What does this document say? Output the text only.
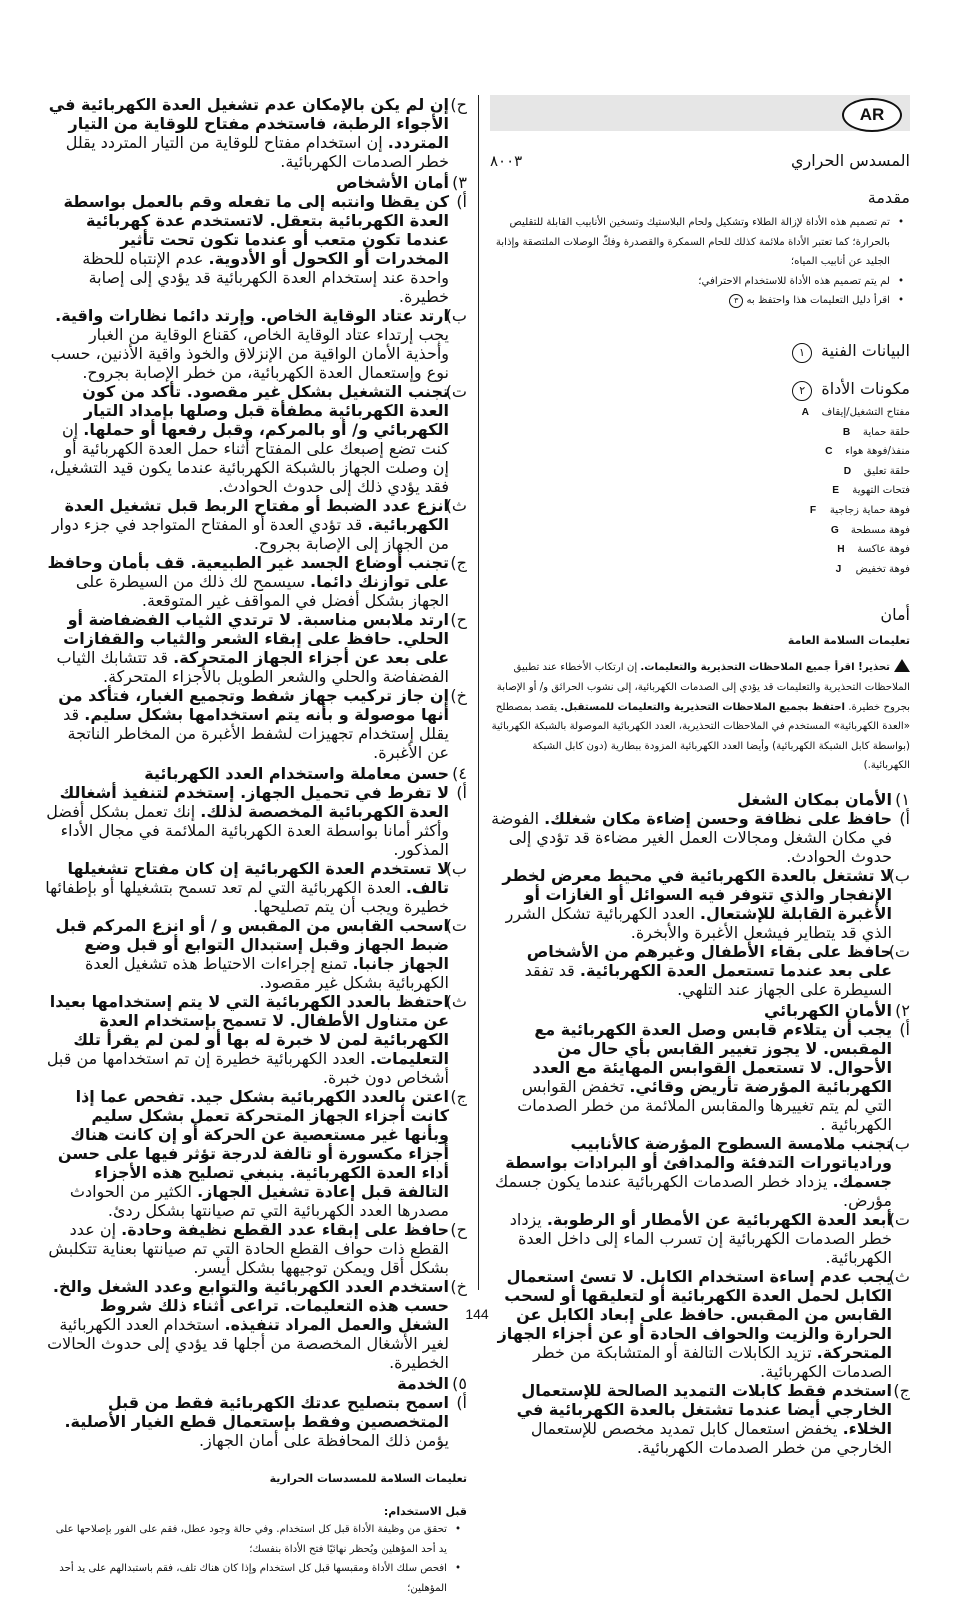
AR
المسدس الحراري
٨٠٠٣
مقدمة
• تم تصميم هذه الأداة لإزالة الطلاء وتشكيل ولحام البلاستيك وتسخين الأنابيب القابلة للتقليص بالحرارة؛ كما تعتبر الأداة ملائمة كذلك للحام السمكرة والقصدرة وفكّ الوصلات الملتصقة وإذابة الجليد عن أنابيب المياه؛
• لم يتم تصميم هذه الأداة للاستخدام الاحترافي؛
• اقرأ دليل التعليمات هذا واحتفظ به ٣
البيانات الفنية ١
مكونات الأداة ٢
A مفتاح التشغيل/إيقاف
B حلقة حماية
C منفذ/فوهة هواء
D حلقة تعليق
E	فتحات التهوية
F	فوهة حماية زجاجية
G فوهة مسطحة
H فوهة عاكسة
J	فوهة تخفيض
أمان
تعليمات السلامة العامة

تحذير! اقرأ جميع الملاحظات التحذيرية والتعليمات. إن ارتكاب الأخطاء عند تطبيق الملاحظات التحذيرية والتعليمات قد يؤدي إلى الصدمات الكهربائية، إلى نشوب الحرائق و/ أو الإصابة بجروح خطيرة. احتفظ بجميع الملاحظات التحذيرية والتعليمات للمستقبل. يقصد بمصطلح «العدة الكهربائية» المستخدم في الملاحظات التحذيرية، العدد الكهربائية الموصولة بالشبكة الكهربائية (بواسطة كابل الشبكة الكهربائية) وأيضا العدد الكهربائية المزودة ببطارية (دون كابل الشبكة الكهربائية.)

١)
الأمان بمكان الشغل
أ)
حافظ على نظافة وحسن إضاءة مكان شغلك. الفوضة في مكان الشغل ومجالات العمل الغير مضاءة قد تؤدي إلى حدوث الحوادث.
ب)
لا تشتغل بالعدة الكهربائية في محيط معرض لخطر الإنفجار والذي تتوفر فيه السوائل أو الغازات أو الأغبرة القابلة للإشتعال. العدد الكهربائية تشكل الشرر الذي قد يتطاير فيشعل الأغبرة والأبخرة.
ت)
حافظ على بقاء الأطفال وغيرهم من الأشخاص على بعد عندما تستعمل العدة الكهربائية. قد تفقد السيطرة على الجهاز عند التلهي.
٢)
الأمان الكهربائي
أ)
يجب أن يتلاءم قابس وصل العدة الكهربائية مع المقبس. لا يجوز تغيير القابس بأي حال من الأحوال. لا تستعمل القوابس المهايئة مع العدد الكهربائية المؤرضة تأريض وقائي. تخفض القوابس التي لم يتم تغييرها والمقابس الملائمة من خطر الصدمات الكهربائية .
ب)
تجنب ملامسة السطوح المؤرضة كالأنابيب ورادياتورات التدفئة والمدافئ أو البرادات بواسطة جسمك. يزداد خطر الصدمات الكهربائية عندما يكون جسمك مؤرض.
ت)
أبعد العدة الكهربائية عن الأمطار أو الرطوبة. يزداد خطر الصدمات الكهربائية إن تسرب الماء إلى داخل العدة الكهربائية.
ث)
يجب عدم إساءة استخدام الكابل. لا تسئ استعمال الكابل لحمل العدة الكهربائية أو لتعليقها أو لسحب القابس من المقبس. حافظ على إبعاد الكابل عن الحرارة والزيت والحواف الحادة أو عن أجزاء الجهاز المتحركة. تزيد الكابلات التالفة أو المتشابكة من خطر الصدمات الكهربائية.
ج)
استخدم فقط كابلات التمديد الصالحة للإستعمال الخارجي أيضا عندما تشتغل بالعدة الكهربائية في الخلاء. يخفض استعمال كابل تمديد مخصص للإستعمال الخارجي من خطر الصدمات الكهربائية.
ح)
إن لم يكن بالإمكان عدم تشغيل العدة الكهربائية في الأجواء الرطبة، فاستخدم مفتاح للوقاية من التيار المتردد. إن استخدام مفتاح للوقاية من التيار المتردد يقلل خطر الصدمات الكهربائية.
٣)
أمان الأشخاص
أ)
كن يقظا وانتبه إلى ما تفعله وقم بالعمل بواسطة العدة الكهربائية بتعقل. لاتستخدم عدة كهربائية عندما تكون متعب أو عندما تكون تحت تأثير المخدرات أو الكحول أو الأدوية. عدم الإنتباه للحظة واحدة عند إستخدام العدة الكهربائية قد يؤدي إلى إصابة خطيرة.
ب)
ارتد عتاد الوقاية الخاص. وإرتد دائما نظارات واقية. يجب إرتداء عتاد الوقاية الخاص، كقناع الوقاية من الغبار وأحذية الأمان الواقية من الإنزلاق والخوذ واقية الأذنين، حسب نوع وإستعمال العدة الكهربائية، من خطر الإصابة بجروح.
ت)
تجنب التشغيل بشكل غير مقصود. تأكد من كون العدة الكهربائية مطفأة قبل وصلها بإمداد التيار الكهربائي و/ أو بالمركم، وقبل رفعها أو حملها. إن كنت تضع إصبعك على المفتاح أثناء حمل العدة الكهربائية أو إن وصلت الجهاز بالشبكة الكهربائية عندما يكون قيد التشغيل، فقد يؤدي ذلك إلى حدوث الحوادث.
ث)
انزع عدد الضبط أو مفتاح الربط قبل تشغيل العدة الكهربائية. قد تؤدي العدة أو المفتاح المتواجد في جزء دوار من الجهاز إلى الإصابة بجروح.
ج)
تجنب أوضاع الجسد غير الطبيعية. قف بأمان وحافظ على توازنك دائما. سيسمح لك ذلك من السيطرة على الجهاز بشكل أفضل في المواقف غير المتوقعة.
ح)
ارتد ملابس مناسبة. لا ترتدي الثياب الفضفاضة أو الحلي. حافظ على إبقاء الشعر والثياب والقفازات على بعد عن أجزاء الجهاز المتحركة. قد تتشابك الثياب الفضفاضة والحلي والشعر الطويل بالأجزاء المتحركة.
خ)
إن جاز تركيب جهاز شفط وتجميع الغبار، فتأكد من أنها موصولة و بأنه يتم استخدامها بشكل سليم. قد يقلل إستخدام تجهيزات لشفط الأغبرة من المخاطر الناتجة عن الأغبرة.
٤)
حسن معاملة واستخدام العدد الكهربائية
أ)
لا تفرط في تحميل الجهاز. إستخدم لتنفيذ أشغالك العدة الكهربائية المخصصة لذلك. إنك تعمل بشكل أفضل وأكثر أمانا بواسطة العدة الكهربائية الملائمة في مجال الأداء المذكور.
ب)
لا تستخدم العدة الكهربائية إن كان مفتاح تشغيلها تالف. العدة الكهربائية التي لم تعد تسمح بتشغيلها أو بإطفائها خطيرة ويجب أن يتم تصليحها.
ت)
اسحب القابس من المقبس و / أو انزع المركم قبل ضبط الجهاز وقبل إستبدال التوابع أو قبل وضع الجهاز جانبا. تمنع إجراءات الاحتياط هذه تشغيل العدة الكهربائية بشكل غير مقصود.
ث)
احتفظ بالعدد الكهربائية التي لا يتم إستخدامها بعيدا عن متناول الأطفال. لا تسمح بإستخدام العدة الكهربائية لمن لا خبرة له بها أو لمن لم يقرأ تلك التعليمات. العدد الكهربائية خطيرة إن تم استخدامها من قبل أشخاص دون خبرة.
ج)
اعتن بالعدد الكهربائية بشكل جيد. تفحص عما إذا كانت أجزاء الجهاز المتحركة تعمل بشكل سليم وبأنها غير مستعصية عن الحركة أو إن كانت هناك أجزاء مكسورة أو تالفة لدرجة تؤثر فيها على حسن أداء العدة الكهربائية. ينبغي تصليح هذه الأجزاء التالفة قبل إعادة تشغيل الجهاز. الكثير من الحوادث مصدرها العدد الكهربائية التي تم صيانتها بشكل ردئ.
ح)
حافظ على إبقاء عدد القطع نظيفة وحادة. إن عدد القطع ذات حواف القطع الحادة التي تم صيانتها بعناية تتكلبش بشكل أقل ويمكن توجيهها بشكل أيسر.
خ)
استخدم العدد الكهربائية والتوابع وعدد الشغل والخ. حسب هذه التعليمات. تراعى أثناء ذلك شروط الشغل والعمل المراد تنفيذه. استخدام العدد الكهربائية لغير الأشغال المخصصة من أجلها قد يؤدي إلى حدوث الحالات الخطيرة.
٥)
الخدمة
أ)
اسمح بتصليح عدتك الكهربائية فقط من قبل المتخصصين وفقط بإستعمال قطع الغيار الأصلية. يؤمن ذلك المحافظة على أمان الجهاز.
تعليمات السلامة للمسدسات الحرارية
قبل الاستخدام:
• تحقق من وظيفة الأداة قبل كل استخدام. وفي حالة وجود عطل، فقم على الفور بإصلاحها على يد أحد المؤهلين ويُحظر نهائيًا فتح الأداة بنفسك؛
• افحص سلك الأداة ومقبسها قبل كل استخدام وإذا كان هناك تلف، فقم باستبدالهم على يد أحد المؤهلين؛
144
